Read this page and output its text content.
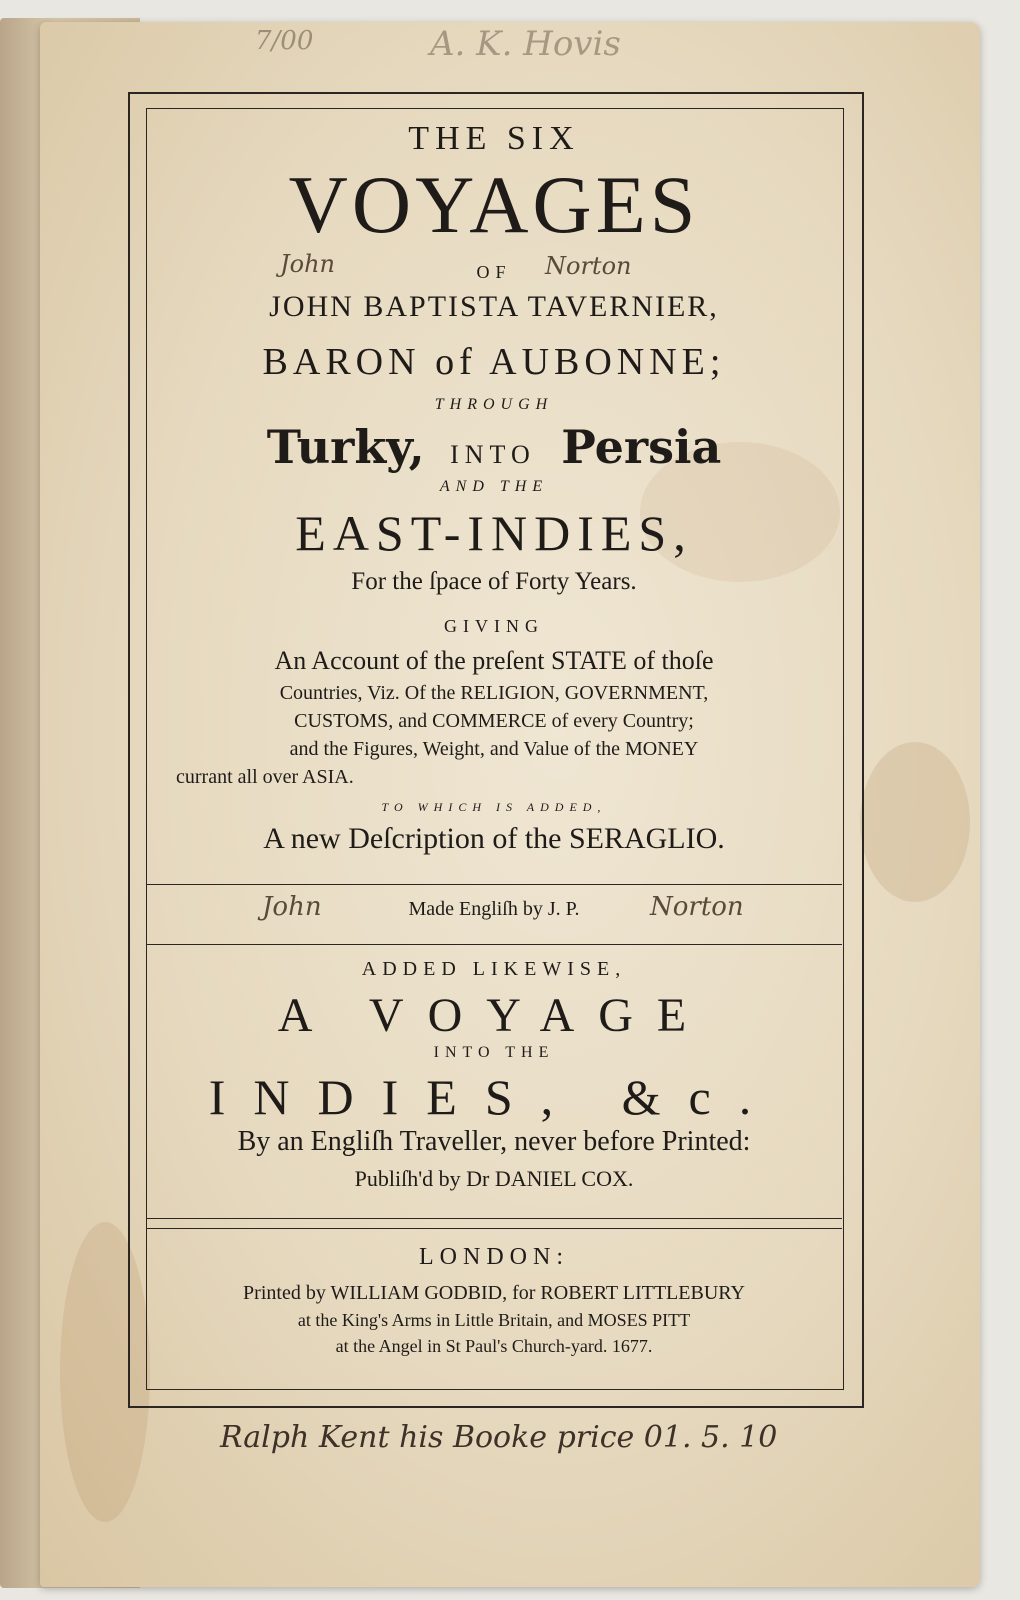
7/00	A. K. Hovis
THE SIX
VOYAGES
OF
John	Norton
JOHN BAPTISTA TAVERNIER,
BARON of AUBONNE;
THROUGH
Turky, INTO Persia
AND THE
EAST-INDIES,
For the ſpace of Forty Years.
GIVING
An Account of the preſent STATE of thoſe
Countries, Viz. Of the RELIGION, GOVERNMENT,
CUSTOMS, and COMMERCE of every Country;
and the Figures, Weight, and Value of the MONEY
currant all over ASIA.
TO WHICH IS ADDED,
A new Deſcription of the SERAGLIO.
Made Engliſh by J. P.
John	Norton
ADDED LIKEWISE,
A VOYAGE
INTO THE
INDIES, &c.
By an Engliſh Traveller, never before Printed:
Publiſh'd by Dr DANIEL COX.
LONDON:
Printed by WILLIAM GODBID, for ROBERT LITTLEBURY
at the King's Arms in Little Britain, and MOSES PITT
at the Angel in St Paul's Church-yard. 1677.
Ralph Kent his Booke price 01. 5. 10
